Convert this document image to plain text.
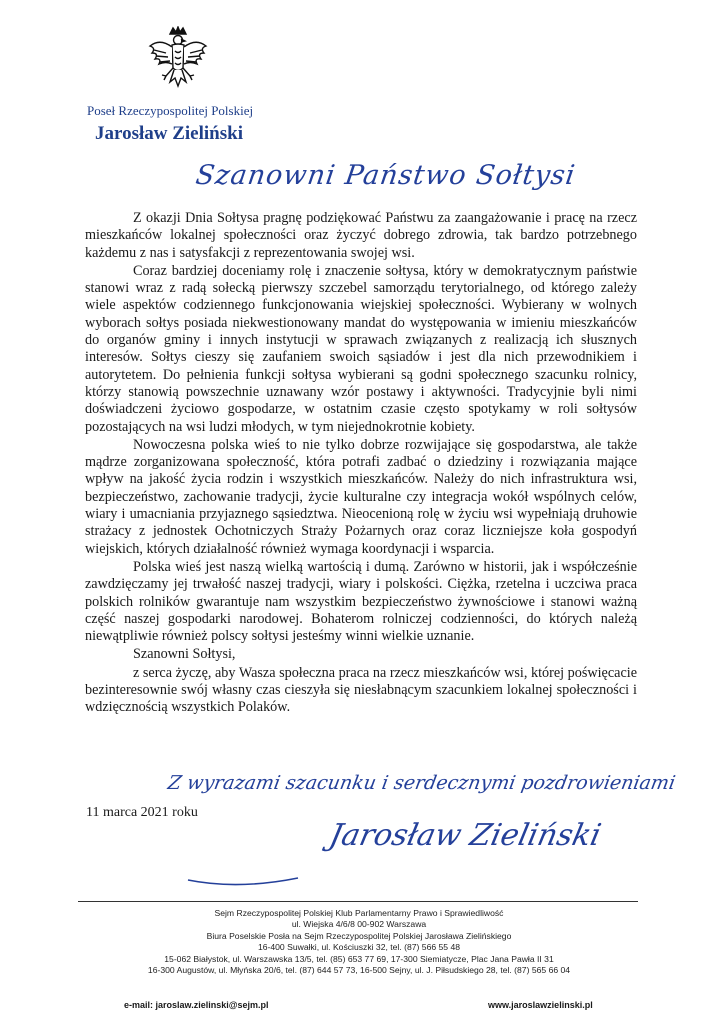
Poseł Rzeczypospolitej Polskiej
Jarosław Zieliński
Szanowni Państwo Sołtysi

Z okazji Dnia Sołtysa pragnę podziękować Państwu za zaangażowanie i pracę na rzecz mieszkańców lokalnej społeczności oraz życzyć dobrego zdrowia, tak bardzo potrzebnego każdemu z nas i satysfakcji z reprezentowania swojej wsi.

Coraz bardziej doceniamy rolę i znaczenie sołtysa, który w demokratycznym państwie stanowi wraz z radą sołecką pierwszy szczebel samorządu terytorialnego, od którego zależy wiele aspektów codziennego funkcjonowania wiejskiej społeczności. Wybierany w wolnych wyborach sołtys posiada niekwestionowany mandat do występowania w imieniu mieszkańców do organów gminy i innych instytucji w sprawach związanych z realizacją ich słusznych interesów. Sołtys cieszy się zaufaniem swoich sąsiadów i jest dla nich przewodnikiem i autorytetem. Do pełnienia funkcji sołtysa wybierani są godni społecznego szacunku rolnicy, którzy stanowią powszechnie uznawany wzór postawy i aktywności. Tradycyjnie byli nimi doświadczeni życiowo gospodarze, w ostatnim czasie często spotykamy w roli sołtysów pozostających na wsi ludzi młodych, w tym niejednokrotnie kobiety.

Nowoczesna polska wieś to nie tylko dobrze rozwijające się gospodarstwa, ale także mądrze zorganizowana społeczność, która potrafi zadbać o dziedziny i rozwiązania mające wpływ na jakość życia rodzin i wszystkich mieszkańców. Należy do nich infrastruktura wsi, bezpieczeństwo, zachowanie tradycji, życie kulturalne czy integracja wokół wspólnych celów, wiary i umacniania przyjaznego sąsiedztwa. Nieocenioną rolę w życiu wsi wypełniają druhowie strażacy z jednostek Ochotniczych Straży Pożarnych oraz coraz liczniejsze koła gospodyń wiejskich, których działalność również wymaga koordynacji i wsparcia.

Polska wieś jest naszą wielką wartością i dumą. Zarówno w historii, jak i współcześnie zawdzięczamy jej trwałość naszej tradycji, wiary i polskości. Ciężka, rzetelna i uczciwa praca polskich rolników gwarantuje nam wszystkim bezpieczeństwo żywnościowe i stanowi ważną część naszej gospodarki narodowej. Bohaterom rolniczej codzienności, do których należą niewątpliwie również polscy sołtysi jesteśmy winni wielkie uznanie.

Szanowni Sołtysi,

z serca życzę, aby Wasza społeczna praca na rzecz mieszkańców wsi, której poświęcacie bezinteresownie swój własny czas cieszyła się niesłabnącym szacunkiem lokalnej społeczności i wdzięcznością wszystkich Polaków.

Z wyrazami szacunku i serdecznymi pozdrowieniami
11 marca 2021 roku
Jarosław Zieliński
Sejm Rzeczypospolitej Polskiej Klub Parlamentarny Prawo i Sprawiedliwość
ul. Wiejska 4/6/8 00-902 Warszawa
Biura Poselskie Posła na Sejm Rzeczypospolitej Polskiej Jarosława Zielińskiego
16-400 Suwałki, ul. Kościuszki 32, tel. (87) 566 55 48
15-062 Białystok, ul. Warszawska 13/5, tel. (85) 653 77 69, 17-300 Siemiatycze, Plac Jana Pawła II 31
16-300 Augustów, ul. Młyńska 20/6, tel. (87) 644 57 73, 16-500 Sejny, ul. J. Piłsudskiego 28, tel. (87) 565 66 04
e-mail: jaroslaw.zielinski@sejm.pl	www.jaroslawzielinski.pl
